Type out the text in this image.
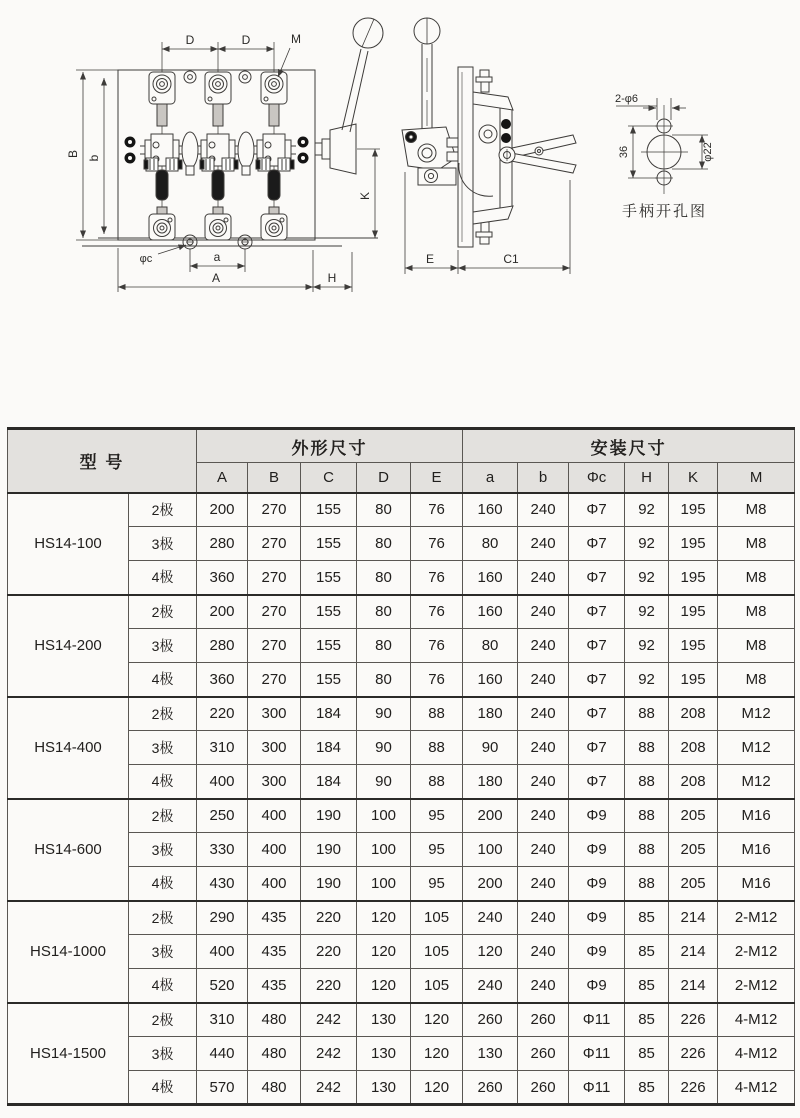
D	D	M
B b
φc	a
A	H
K
E	C1
2-φ6
36	φ22
手柄开孔图
型 号		外形尺寸					安装尺寸					
		A	B	C	D	E	a	b	Φc	H	K	M
HS14-100	2极	200	270	155	80	76	160	240	Φ7	92	195	M8
	3极	280	270	155	80	76	80	240	Φ7	92	195	M8
	4极	360	270	155	80	76	160	240	Φ7	92	195	M8
HS14-200	2极	200	270	155	80	76	160	240	Φ7	92	195	M8
	3极	280	270	155	80	76	80	240	Φ7	92	195	M8
	4极	360	270	155	80	76	160	240	Φ7	92	195	M8
HS14-400	2极	220	300	184	90	88	180	240	Φ7	88	208	M12
	3极	310	300	184	90	88	90	240	Φ7	88	208	M12
	4极	400	300	184	90	88	180	240	Φ7	88	208	M12
HS14-600	2极	250	400	190	100	95	200	240	Φ9	88	205	M16
	3极	330	400	190	100	95	100	240	Φ9	88	205	M16
	4极	430	400	190	100	95	200	240	Φ9	88	205	M16
HS14-1000	2极	290	435	220	120	105	240	240	Φ9	85	214	2-M12
	3极	400	435	220	120	105	120	240	Φ9	85	214	2-M12
	4极	520	435	220	120	105	240	240	Φ9	85	214	2-M12
HS14-1500	2极	310	480	242	130	120	260	260	Φ11	85	226	4-M12
	3极	440	480	242	130	120	130	260	Φ11	85	226	4-M12
	4极	570	480	242	130	120	260	260	Φ11	85	226	4-M12
